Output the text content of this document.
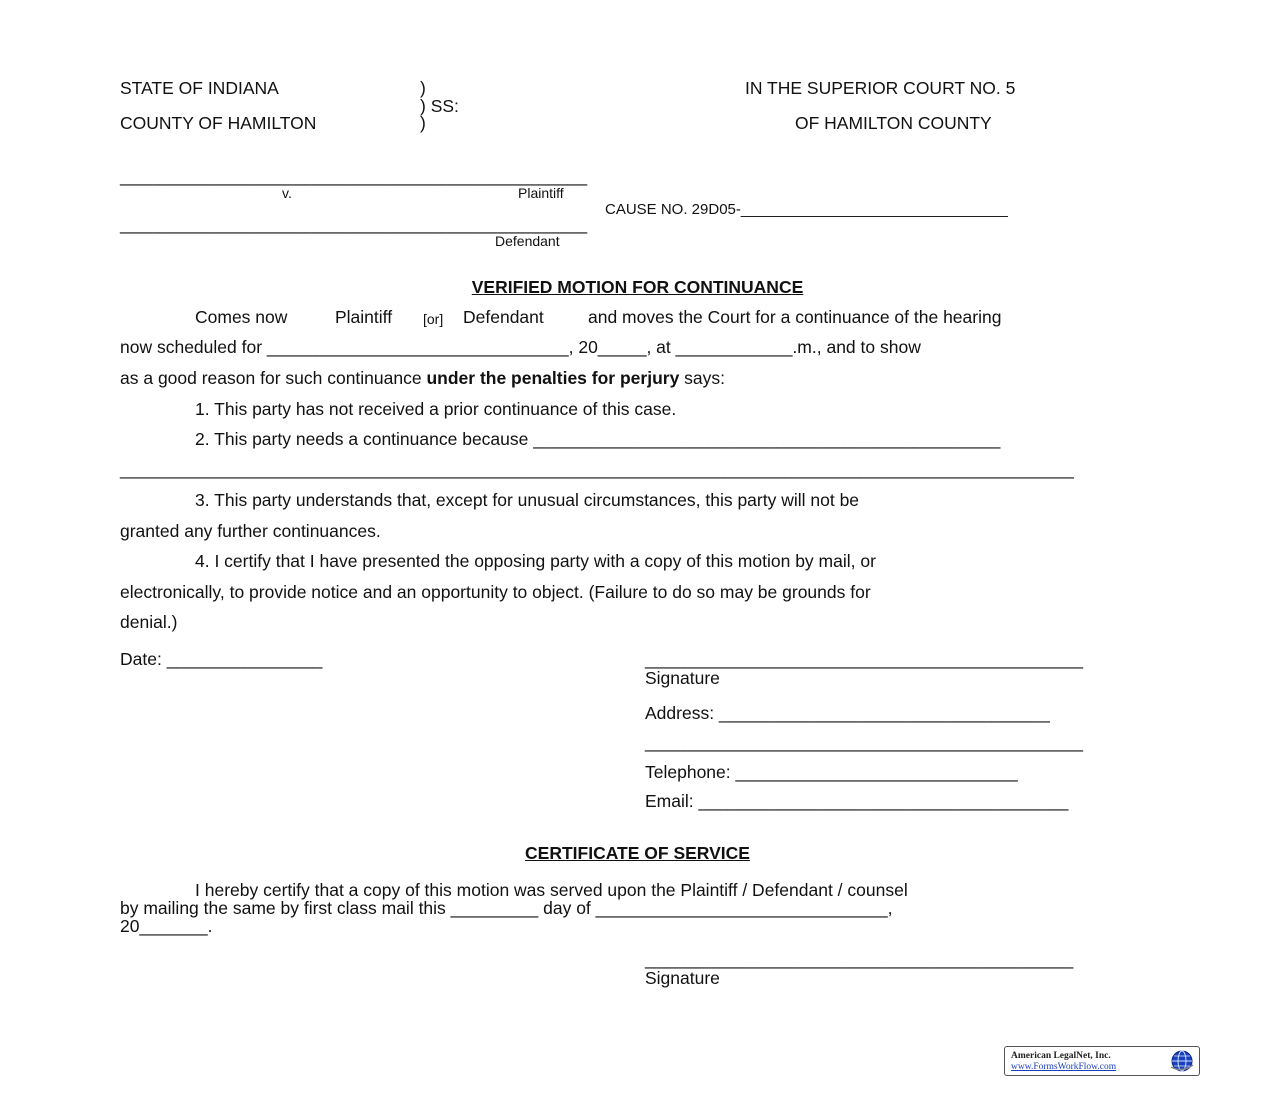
STATE OF INDIANA
COUNTY OF HAMILTON
)
) SS:
)
IN THE SUPERIOR COURT NO. 5
OF HAMILTON COUNTY
________________________________________________
v.	Plaintiff
CAUSE NO. 29D05-________________________________
________________________________________________
Defendant
VERIFIED MOTION FOR CONTINUANCE
Comes now	Plaintiff [or] Defendant	and moves the Court for a continuance of the hearing
now scheduled for _______________________________, 20_____, at ____________.m., and to show
as a good reason for such continuance under the penalties for perjury says:
1. This party has not received a prior continuance of this case.
2. This party needs a continuance because ________________________________________________
__________________________________________________________________________________________________
3. This party understands that, except for unusual circumstances, this party will not be
granted any further continuances.
4. I certify that I have presented the opposing party with a copy of this motion by mail, or
electronically, to provide notice and an opportunity to object. (Failure to do so may be grounds for
denial.)
Date: ________________	_____________________________________________
Signature
Address: __________________________________
_____________________________________________
Telephone: _____________________________
Email: ______________________________________
CERTIFICATE OF SERVICE
I hereby certify that a copy of this motion was served upon the Plaintiff / Defendant / counsel
by mailing the same by first class mail this _________ day of ______________________________,
20_______.
____________________________________________
Signature
American LegalNet, Inc.
www.FormsWorkFlow.com
